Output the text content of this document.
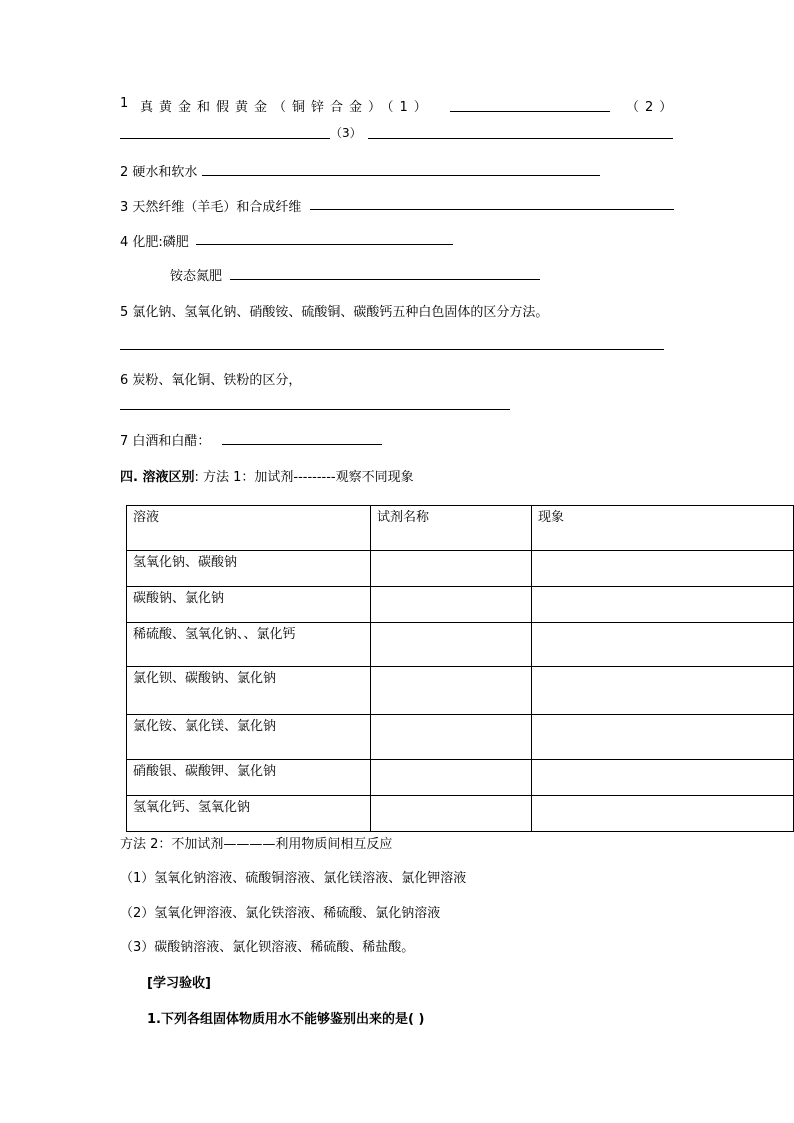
1 真黄金和假黄金（铜锌合金）（1）	（2）
（3）
2 硬水和软水
3 天然纤维（羊毛）和合成纤维
4 化肥:磷肥
铵态氮肥
5 氯化钠、氢氧化钠、硝酸铵、硫酸铜、碳酸钙五种白色固体的区分方法。
6 炭粉、氧化铜、铁粉的区分，
7 白酒和白醋：
四. 溶液区别: 方法 1：加试剂---------观察不同现象
溶液	试剂名称	现象
氢氧化钠、碳酸钠		
碳酸钠、氯化钠		
稀硫酸、氢氧化钠、、氯化钙		
氯化钡、碳酸钠、氯化钠		
氯化铵、氯化镁、氯化钠		
硝酸银、碳酸钾、氯化钠		
氢氧化钙、氢氧化钠		
方法 2：不加试剂————利用物质间相互反应
（1）氢氧化钠溶液、硫酸铜溶液、氯化镁溶液、氯化钾溶液
（2）氢氧化钾溶液、氯化铁溶液、稀硫酸、氯化钠溶液
（3）碳酸钠溶液、氯化钡溶液、稀硫酸、稀盐酸。
[学习验收]
1.下列各组固体物质用水不能够鉴别出来的是( )
